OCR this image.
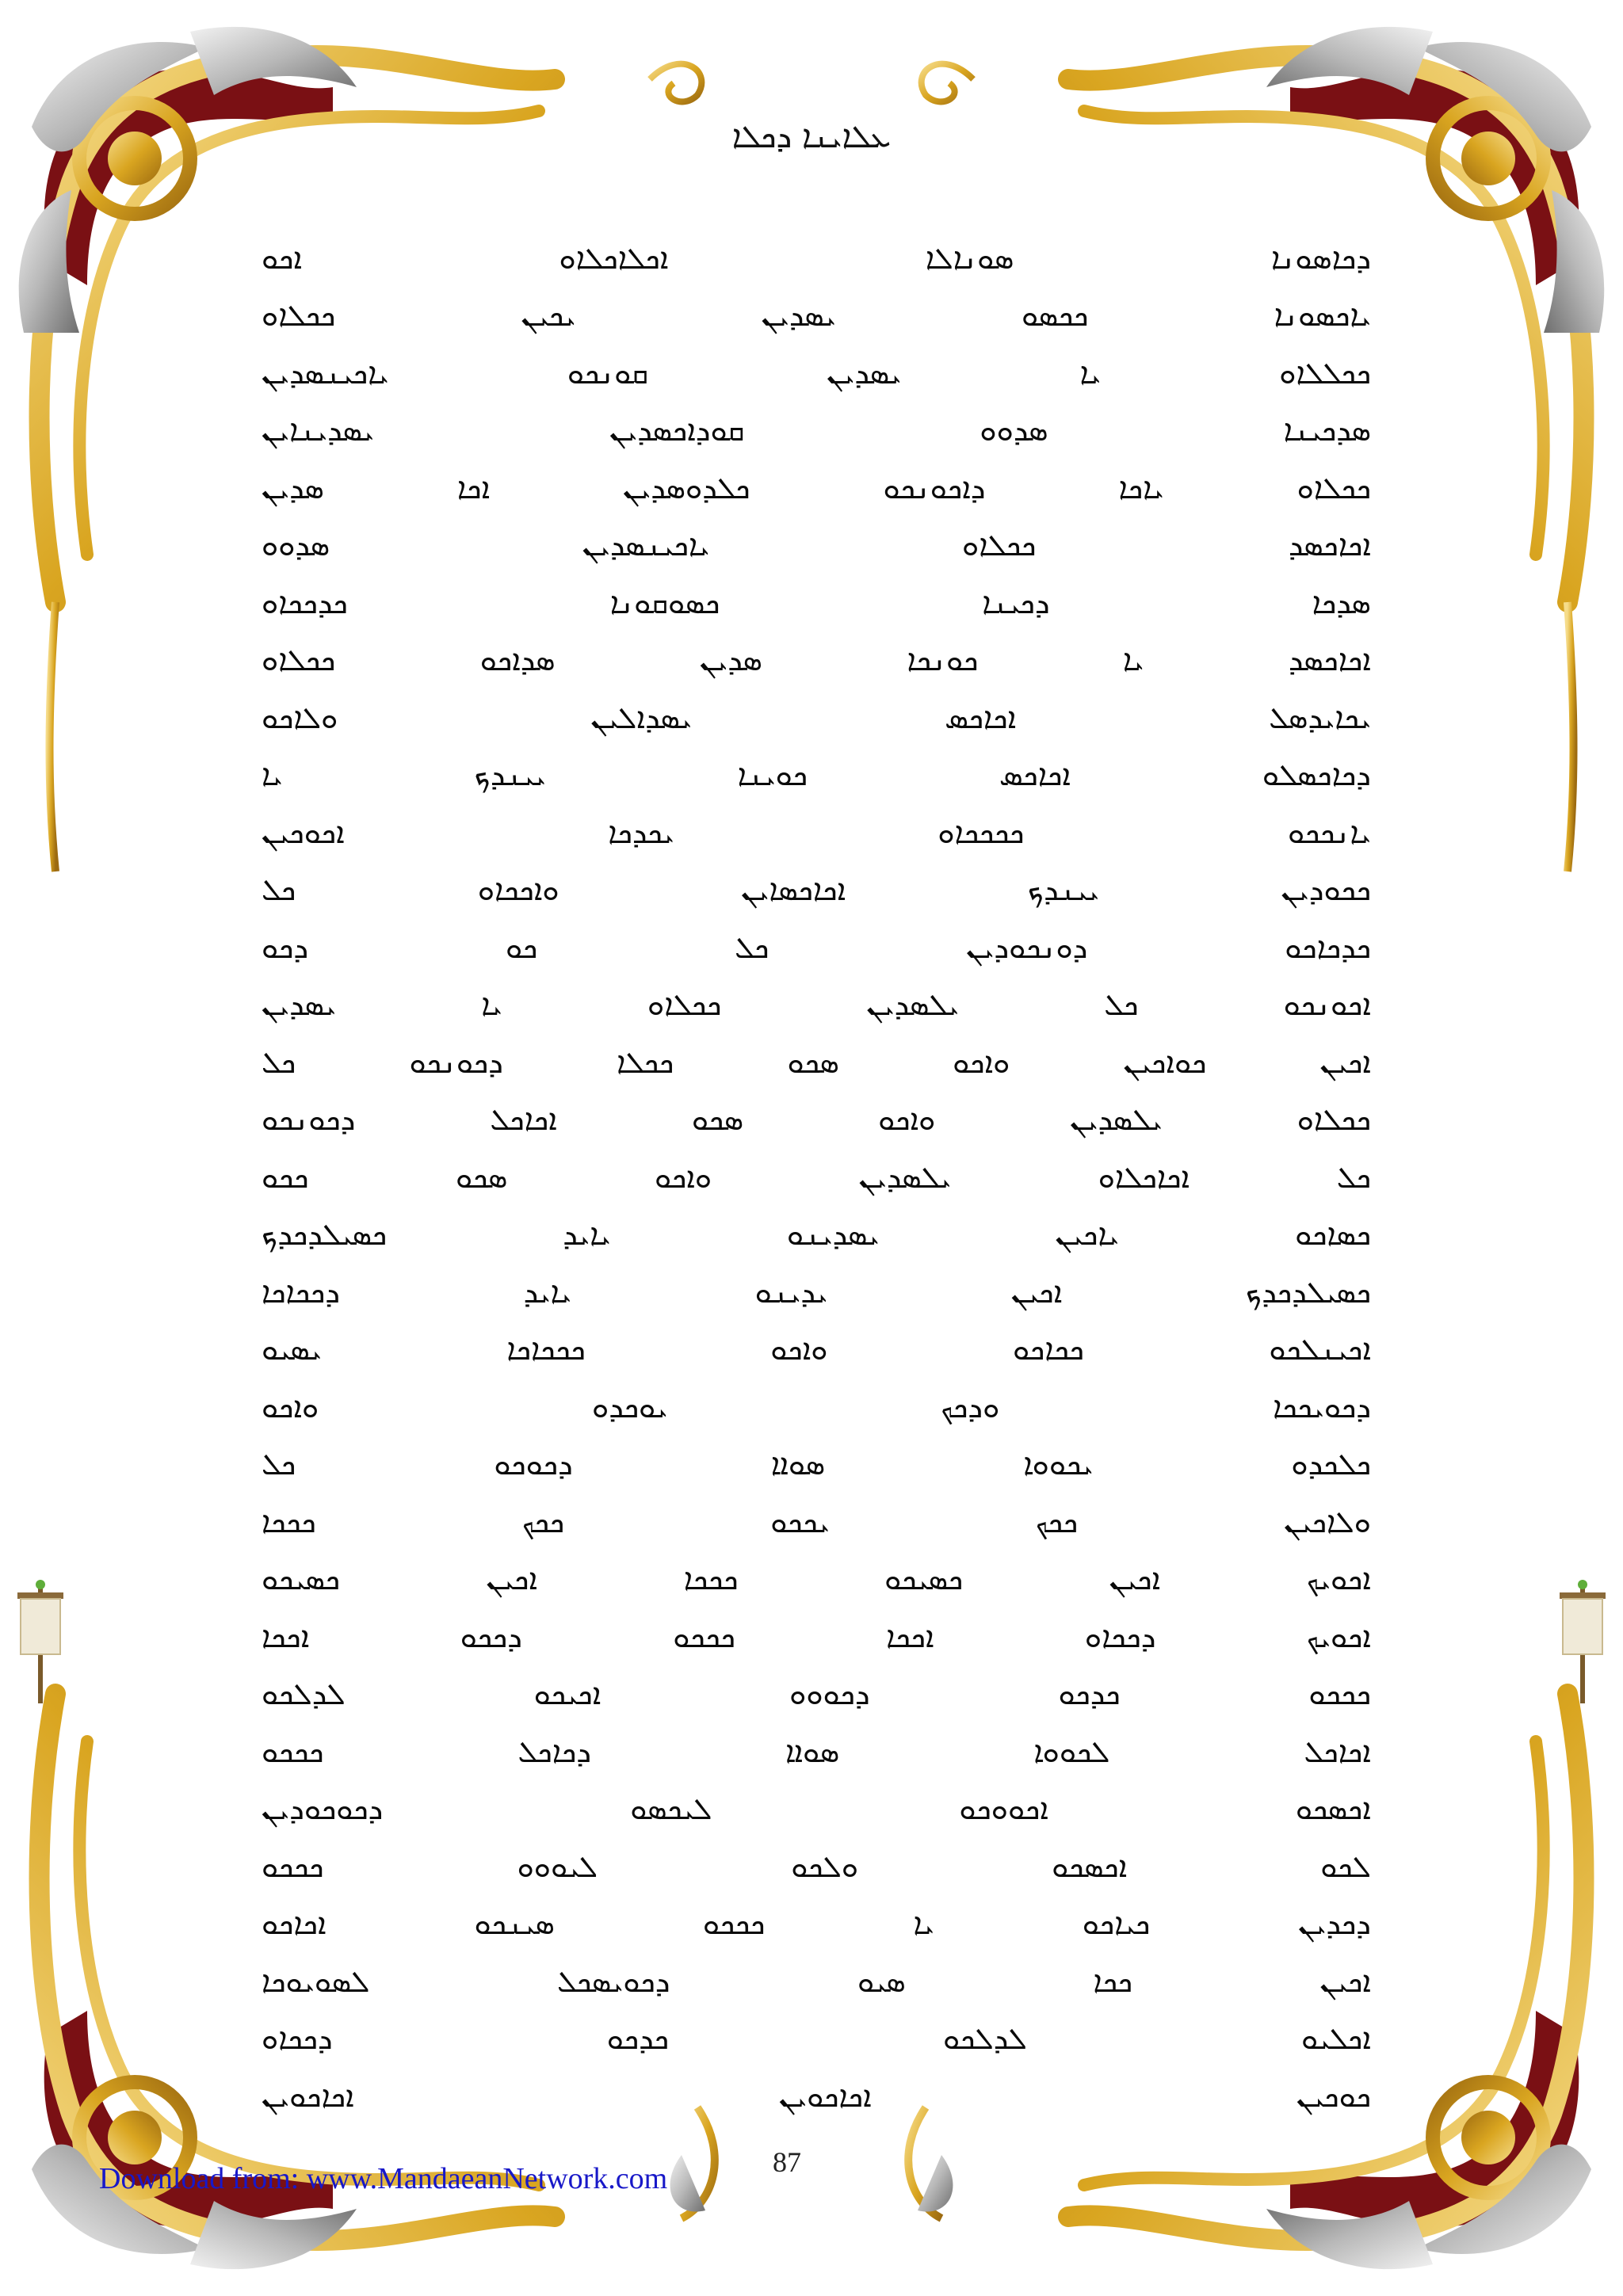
ܥܠܐܝܢܐ ܕܟܠܐ
ܕܟܐܣܘܢܐ
ܣܘܢܐܠܐ
ܐܟܠܐܟܠܐܘ
ܐܟܘ
ܝܐܟܣܘܢܐ
ܟܟܣܘ
ܝܣܕܝܢ
ܝܟܝܢ
ܟܟܠܐܘ
ܟܟܠܠܐܘ
ܝܐ
ܝܣܕܝܢ
ܩܘܢܟܘ
ܝܐܟܝܢܣܕܝܢ
ܣܕܟܝܢܐ
ܣܕܘܘ
ܩܘܕܐܟܣܕܝܢ
ܝܣܕܝܢܐܝܢ
ܟܟܠܐܘ
ܝܐܟܐ
ܕܐܟܘܢܟܘ
ܟܠܕܘܣܕܝܢ
ܐܟܐ
ܣܕܝܢ
ܐܟܐܟܣܕ
ܟܟܠܐܘ
ܝܐܟܝܢܣܕܝܢ
ܣܕܘܘ
ܣܕܟܐ
ܕܟܝܢܐ
ܟܣܘܩܘܢܐ
ܟܕܟܟܐܘ
ܐܟܐܟܣܕ
ܝܐ
ܟܘܢܟܐ
ܣܕܝܢ
ܣܕܐܟܘ
ܟܟܠܐܘ
ܝܟܐܝܕܣܠ
ܐܟܐܟܣ
ܝܣܕܐܠܝܢ
ܘܠܐܟܘ
ܕܟܐܟܣܠܘ
ܐܟܐܟܣ
ܟܘܝܢܐ
ܝܝܢܕܟ
ܝܐ
ܝܐܢܟܟܘ
ܟܟܟܟܐܘ
ܝܟܕܟܐ
ܐܟܘܟܝܢ
ܟܟܘܕܝܢ
ܝܝܢܕܟ
ܐܟܐܟܣܐܝܢ
ܘܐܟܟܐܘ
ܟܠ
ܟܕܟܐܟܘ
ܕܘܢܟܘܕܝܢ
ܟܠ
ܟܘ
ܕܟܘ
ܐܟܘܢܟܘ
ܟܠ
ܝܠܣܕܝܢ
ܟܟܠܐܘ
ܝܐ
ܝܣܕܝܢ
ܐܟܝܢ
ܟܘܐܟܝܢ
ܘܐܟܘ
ܣܟܘ
ܟܟܠܐ
ܕܟܘܢܟܘ
ܟܠ
ܟܟܠܐܘ
ܝܠܣܕܝܢ
ܘܐܟܘ
ܣܟܘ
ܐܟܐܟܠ
ܕܟܘܢܟܘ
ܟܠ
ܐܟܐܟܠܐܘ
ܝܠܣܕܝܢ
ܘܐܟܘ
ܣܟܘ
ܟܟܘ
ܟܣܐܟܘ
ܝܐܟܝܢ
ܝܣܕܝܢܘ
ܝܐܝܕ
ܟܣܝܠܕܟܕܟ
ܟܣܝܠܕܟܕܟ
ܐܟܝܢ
ܝܕܝܢܘ
ܝܐܝܕ
ܕܟܟܐܟܐ
ܐܟܝܢܠܟܘ
ܟܟܐܟܘ
ܘܐܟܘ
ܟܟܟܐܟܐ
ܝܣܝܘ
ܕܟܘܝܟܟܐ
ܘܕܟܟ
ܝܘܟܕܘ
ܘܐܟܘ
ܟܠܟܕܘ
ܝܟܘܘܐ
ܣܘܐܐ
ܕܟܘܟܘ
ܟܠ
ܘܠܐܟܝܢ
ܟܟܟ
ܝܟܟܘ
ܟܟܟ
ܟܟܟܐ
ܐܟܘܝܟ
ܐܟܝܢ
ܟܣܝܟܘ
ܟܟܟܐ
ܐܟܝܢ
ܟܣܝܟܘ
ܐܟܘܝܟ
ܕܟܟܐܘ
ܐܟܟܐ
ܟܟܟܘ
ܕܟܟܘ
ܐܟܟܐ
ܟܟܟܘ
ܟܕܟܘ
ܕܟܘܘܘ
ܐܟܝܟܘ
ܠܕܠܟܘ
ܐܟܐܟܠ
ܠܟܘܘܐ
ܣܘܐܐ
ܕܟܐܟܠ
ܟܟܟܘ
ܐܟܣܟܘ
ܐܟܘܘܟܘ
ܠܝܟܣܘ
ܕܟܘܟܘܕܝܢ
ܠܟܘ
ܐܟܣܟܘ
ܘܠܟܘ
ܠܝܘܘܘ
ܟܟܟܘ
ܕܟܕܝܢ
ܟܝܐܟܘ
ܝܐ
ܟܟܟܘ
ܣܝܢܟܘ
ܐܟܐܟܘ
ܐܟܝܢ
ܟܟܐ
ܣܝܘ
ܕܟܘܝܣܟܠ
ܠܣܘܝܘܟܐ
ܐܟܠܝܘ
ܠܕܠܟܘ
ܟܕܟܘ
ܕܟܟܐܘ
ܟܘܟܝܢ
ܐܟܐܟܘܝܢ
ܐܟܐܟܘܝܢ
87
Download from: www.MandaeanNetwork.com
